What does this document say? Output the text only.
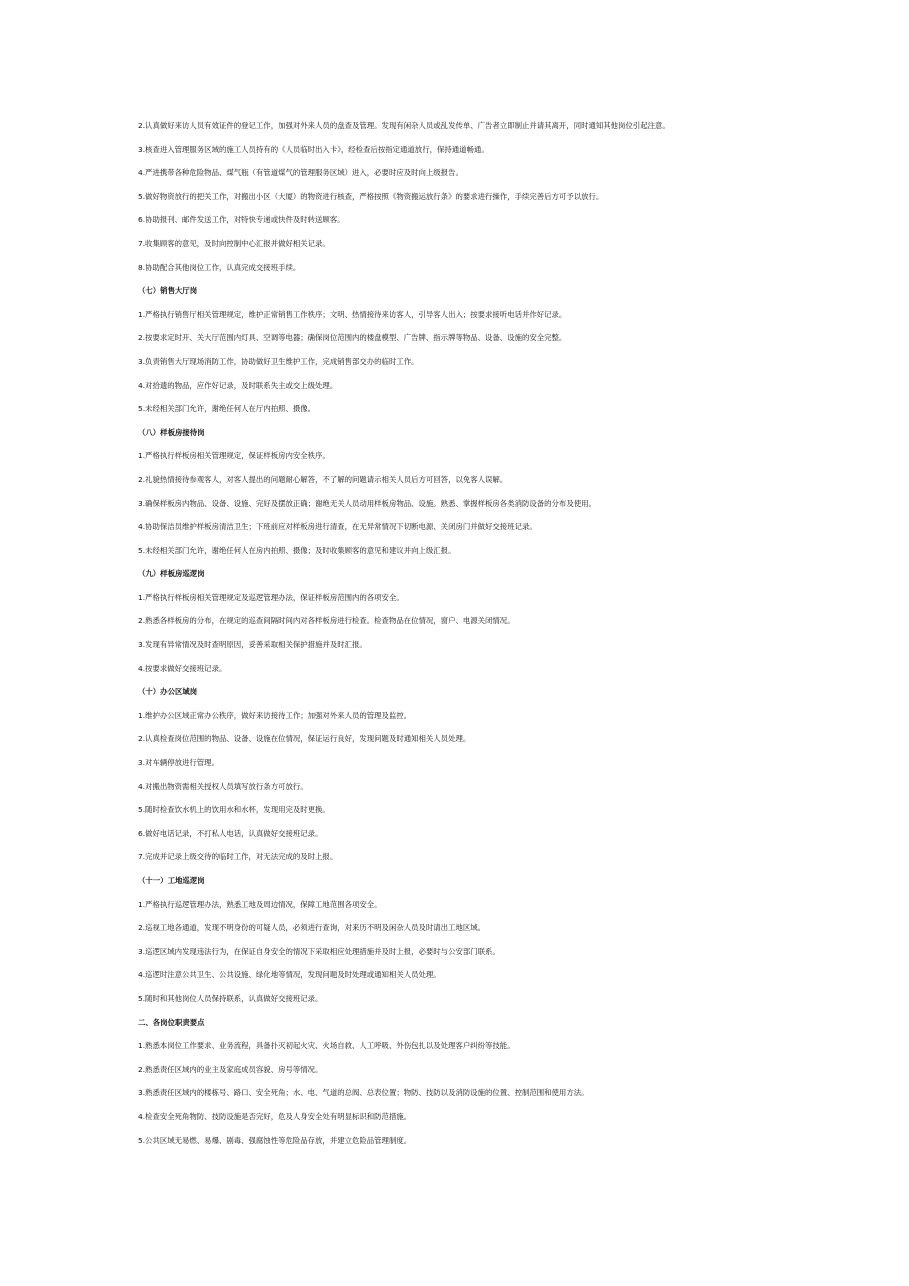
2.认真做好来访人员有效证件的登记工作，加强对外来人员的盘查及管理。发现有闲杂人员或乱发传单、广告者立即制止并请其离开，同时通知其他岗位引起注意。
3.核查进入管理服务区域的施工人员持有的《人员临时出入卡》，经检查后按指定通道放行，保持通道畅通。
4.严进携带各种危险物品、煤气瓶（有管道煤气的管理服务区域）进入，必要时应及时向上级报告。
5.做好物资放行的把关工作，对搬出小区（大厦）的物资进行核查，严格按照《物资搬运放行条》的要求进行操作，手续完善后方可予以放行。
6.协助报刊、邮件发送工作，对特快专递或快件及时转送顾客。
7.收集顾客的意见，及时向控制中心汇报并做好相关记录。
8.协助配合其他岗位工作，认真完成交接班手续。
（七）销售大厅岗
1.严格执行销售厅相关管理规定，维护正常销售工作秩序；文明、热情接待来访客人，引导客人出入；按要求接听电话并作好记录。
2.按要求定时开、关大厅范围内灯具、空调等电器；确保岗位范围内的楼盘模型、广告牌、指示牌等物品、设备、设施的安全完整。
3.负责销售大厅现场消防工作，协助做好卫生维护工作，完成销售部交办的临时工作。
4.对拾遗的物品，应作好记录，及时联系失主或交上级处理。
5.未经相关部门允许，谢绝任何人在厅内拍照、摄像。
（八）样板房接待岗
1.严格执行样板房相关管理规定，保证样板房内安全秩序。
2.礼貌热情接待参观客人，对客人提出的问题耐心解答，不了解的问题请示相关人员后方可回答，以免客人误解。
3.确保样板房内物品、设备、设施、完好及摆放正确；谢绝无关人员动用样板房物品、设施。熟悉、掌握样板房各类消防设备的分布及使用。
4.协助保洁员维护样板房清洁卫生；下班前应对样板房进行清查，在无异常情况下切断电源、关闭房门并做好交接班记录。
5.未经相关部门允许，谢绝任何人在房内拍照、摄像；及时收集顾客的意见和建议并向上级汇报。
（九）样板房巡逻岗
1.严格执行样板房相关管理规定及巡逻管理办法，保证样板房范围内的各项安全。
2.熟悉各样板房的分布，在规定的巡查间隔时间内对各样板房进行检查。检查物品在位情况，窗户、电源关闭情况。
3.发现有异常情况及时查明原因，妥善采取相关保护措施并及时汇报。
4.按要求做好交接班记录。
（十）办公区域岗
1.维护办公区域正常办公秩序，做好来访接待工作；加强对外来人员的管理及监控。
2.认真检查岗位范围的物品、设备、设施在位情况，保证运行良好，发现问题及时通知相关人员处理。
3.对车辆停放进行管理。
4.对搬出物资需相关授权人员填写放行条方可放行。
5.随时检查饮水机上的饮用水和水杯，发现用完及时更换。
6.做好电话记录，不打私人电话，认真做好交接班记录。
7.完成并记录上级交待的临时工作，对无法完成的及时上报。
（十一）工地巡逻岗
1.严格执行巡逻管理办法，熟悉工地及周边情况，保障工地范围各项安全。
2.巡视工地各通道，发现不明身份的可疑人员，必须进行查询，对来历不明及闲杂人员及时请出工地区域。
3.巡逻区域内发现违法行为，在保证自身安全的情况下采取相应处理措施并及时上报，必要时与公安部门联系。
4.巡逻时注意公共卫生、公共设施、绿化地等情况，发现问题及时处理或通知相关人员处理。
5.随时和其他岗位人员保持联系，认真做好交接班记录。
二、各岗位职责要点
1.熟悉本岗位工作要求、业务流程，具备扑灭初起火灾、火场自救、人工呼吸、外伤包扎以及处理客户纠纷等技能。
2.熟悉责任区域内的业主及家庭成员容貌、房号等情况。
3.熟悉责任区域内的楼栋号、路口、安全死角；水、电、气道的总阀、总表位置；物防、技防以及消防设施的位置、控制范围和使用方法。
4.检查安全死角物防、技防设施是否完好，危及人身安全处有明显标识和防范措施。
5.公共区域无易燃、易爆、剧毒、强腐蚀性等危险品存放，并建立危险品管理制度。
